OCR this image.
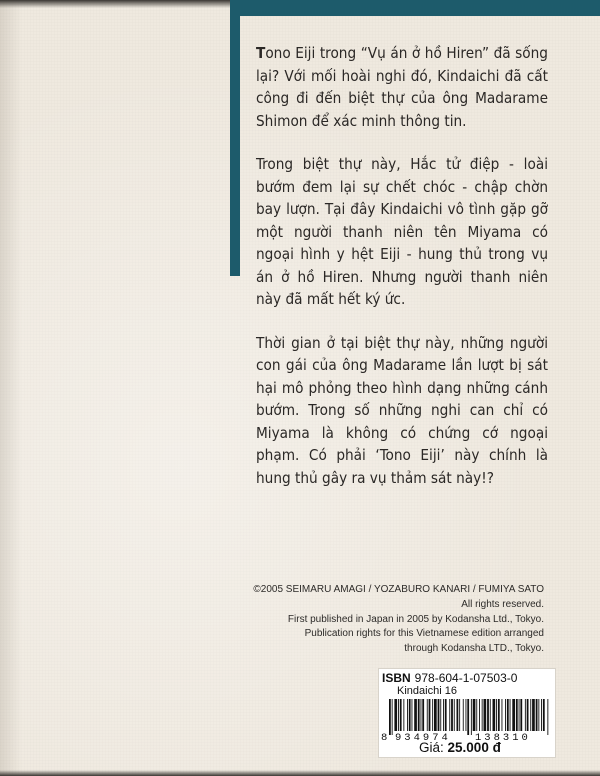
Tono Eiji trong “Vụ án ở hồ Hiren” đã sống lại? Với mối hoài nghi đó, Kindaichi đã cất công đi đến biệt thự của ông Madarame Shimon để xác minh thông tin.

Trong biệt thự này, Hắc tử điệp - loài bướm đem lại sự chết chóc - chập chờn bay lượn. Tại đây Kindaichi vô tình gặp gỡ một người thanh niên tên Miyama có ngoại hình y hệt Eiji - hung thủ trong vụ án ở hồ Hiren. Nhưng người thanh niên này đã mất hết ký ức.

Thời gian ở tại biệt thự này, những người con gái của ông Madarame lần lượt bị sát hại mô phỏng theo hình dạng những cánh bướm. Trong số những nghi can chỉ có Miyama là không có chứng cớ ngoại phạm. Có phải ‘Tono Eiji’ này chính là hung thủ gây ra vụ thảm sát này!?

©2005 SEIMARU AMAGI / YOZABURO KANARI / FUMIYA SATO
All rights reserved.
First published in Japan in 2005 by Kodansha Ltd., Tokyo.
Publication rights for this Vietnamese edition arranged
through Kodansha LTD., Tokyo.
ISBN 978-604-1-07503-0
Kindaichi 16
8 934974 138310
Giá: 25.000 đ
